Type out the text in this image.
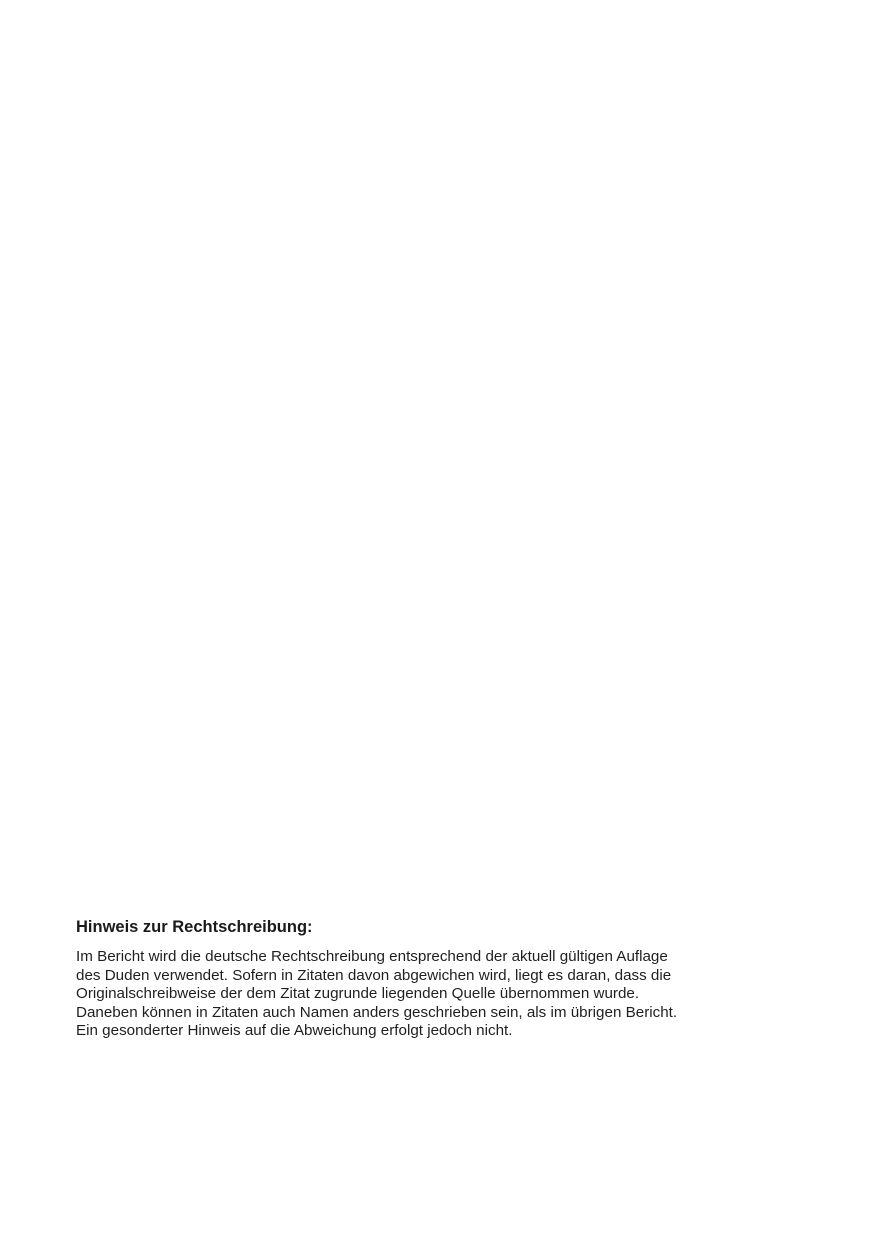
Hinweis zur Rechtschreibung:

Im Bericht wird die deutsche Rechtschreibung entsprechend der aktuell gültigen Auflage
des Duden verwendet. Sofern in Zitaten davon abgewichen wird, liegt es daran, dass die
Originalschreibweise der dem Zitat zugrunde liegenden Quelle übernommen wurde.
Daneben können in Zitaten auch Namen anders geschrieben sein, als im übrigen Bericht.
Ein gesonderter Hinweis auf die Abweichung erfolgt jedoch nicht.
